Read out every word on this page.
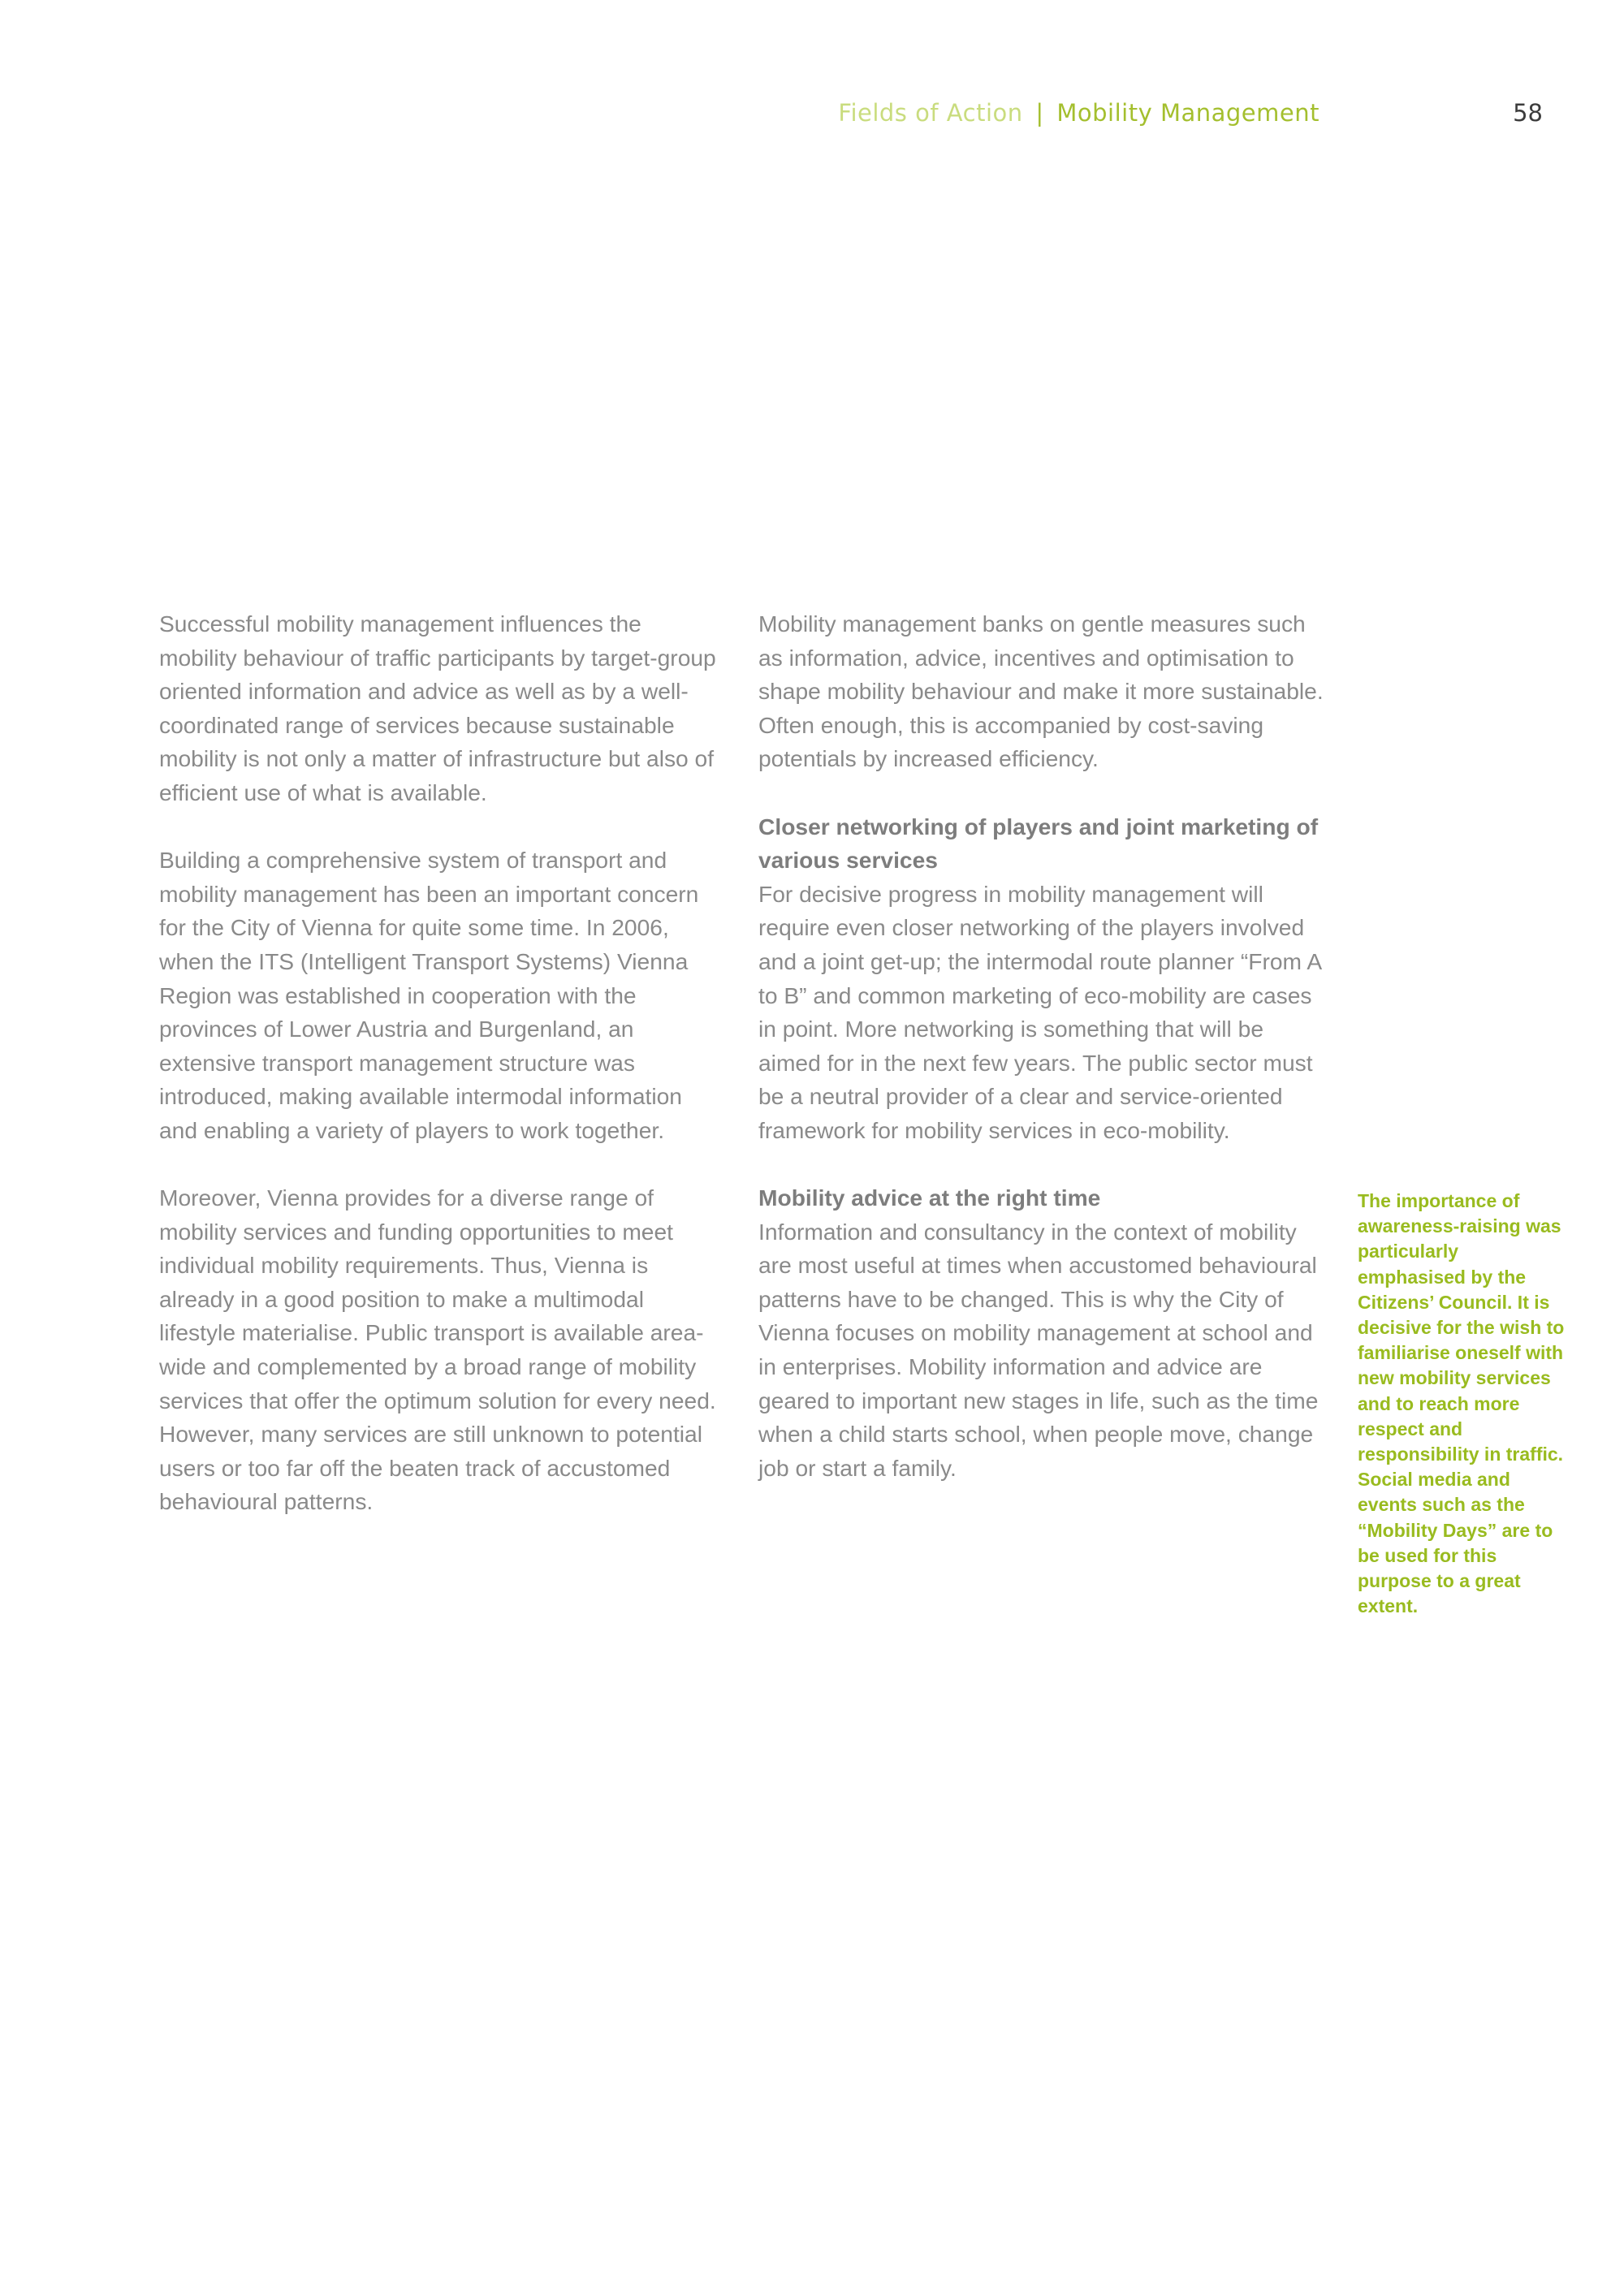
Fields of Action | Mobility Management	58

Successful mobility management influences the mobility behaviour of traffic participants by target-group oriented information and advice as well as by a well-coordinated range of services because sustainable mobility is not only a matter of infrastructure but also of efficient use of what is available.

Building a comprehensive system of transport and mobility management has been an important concern for the City of Vienna for quite some time. In 2006, when the ITS (Intelligent Transport Systems) Vienna Region was established in cooperation with the provinces of Lower Austria and Burgenland, an extensive transport management structure was introduced, making available intermodal information and enabling a variety of players to work together.

Moreover, Vienna provides for a diverse range of mobility services and funding opportunities to meet individual mobility requirements. Thus, Vienna is already in a good position to make a multimodal lifestyle materialise. Public transport is available area-wide and complemented by a broad range of mobility services that offer the optimum solution for every need. However, many services are still unknown to potential users or too far off the beaten track of accustomed behavioural patterns.

Mobility management banks on gentle measures such as information, advice, incentives and optimisation to shape mobility behaviour and make it more sustainable. Often enough, this is accompanied by cost-saving potentials by increased efficiency.

Closer networking of players and joint marketing of various services

For decisive progress in mobility management will require even closer networking of the players involved and a joint get-up; the intermodal route planner “From A to B” and common marketing of eco-mobility are cases in point. More networking is something that will be aimed for in the next few years. The public sector must be a neutral provider of a clear and service-oriented framework for mobility services in eco-mobility.

Mobility advice at the right time

Information and consultancy in the context of mobility are most useful at times when accustomed behavioural patterns have to be changed. This is why the City of Vienna focuses on mobility management at school and in enterprises. Mobility information and advice are geared to important new stages in life, such as the time when a child starts school, when people move, change job or start a family.

The importance of awareness-raising was particularly emphasised by the Citizens’ Council. It is decisive for the wish to familiarise oneself with new mobility services and to reach more respect and responsibility in traffic. Social media and events such as the “Mobility Days” are to be used for this purpose to a great extent.
